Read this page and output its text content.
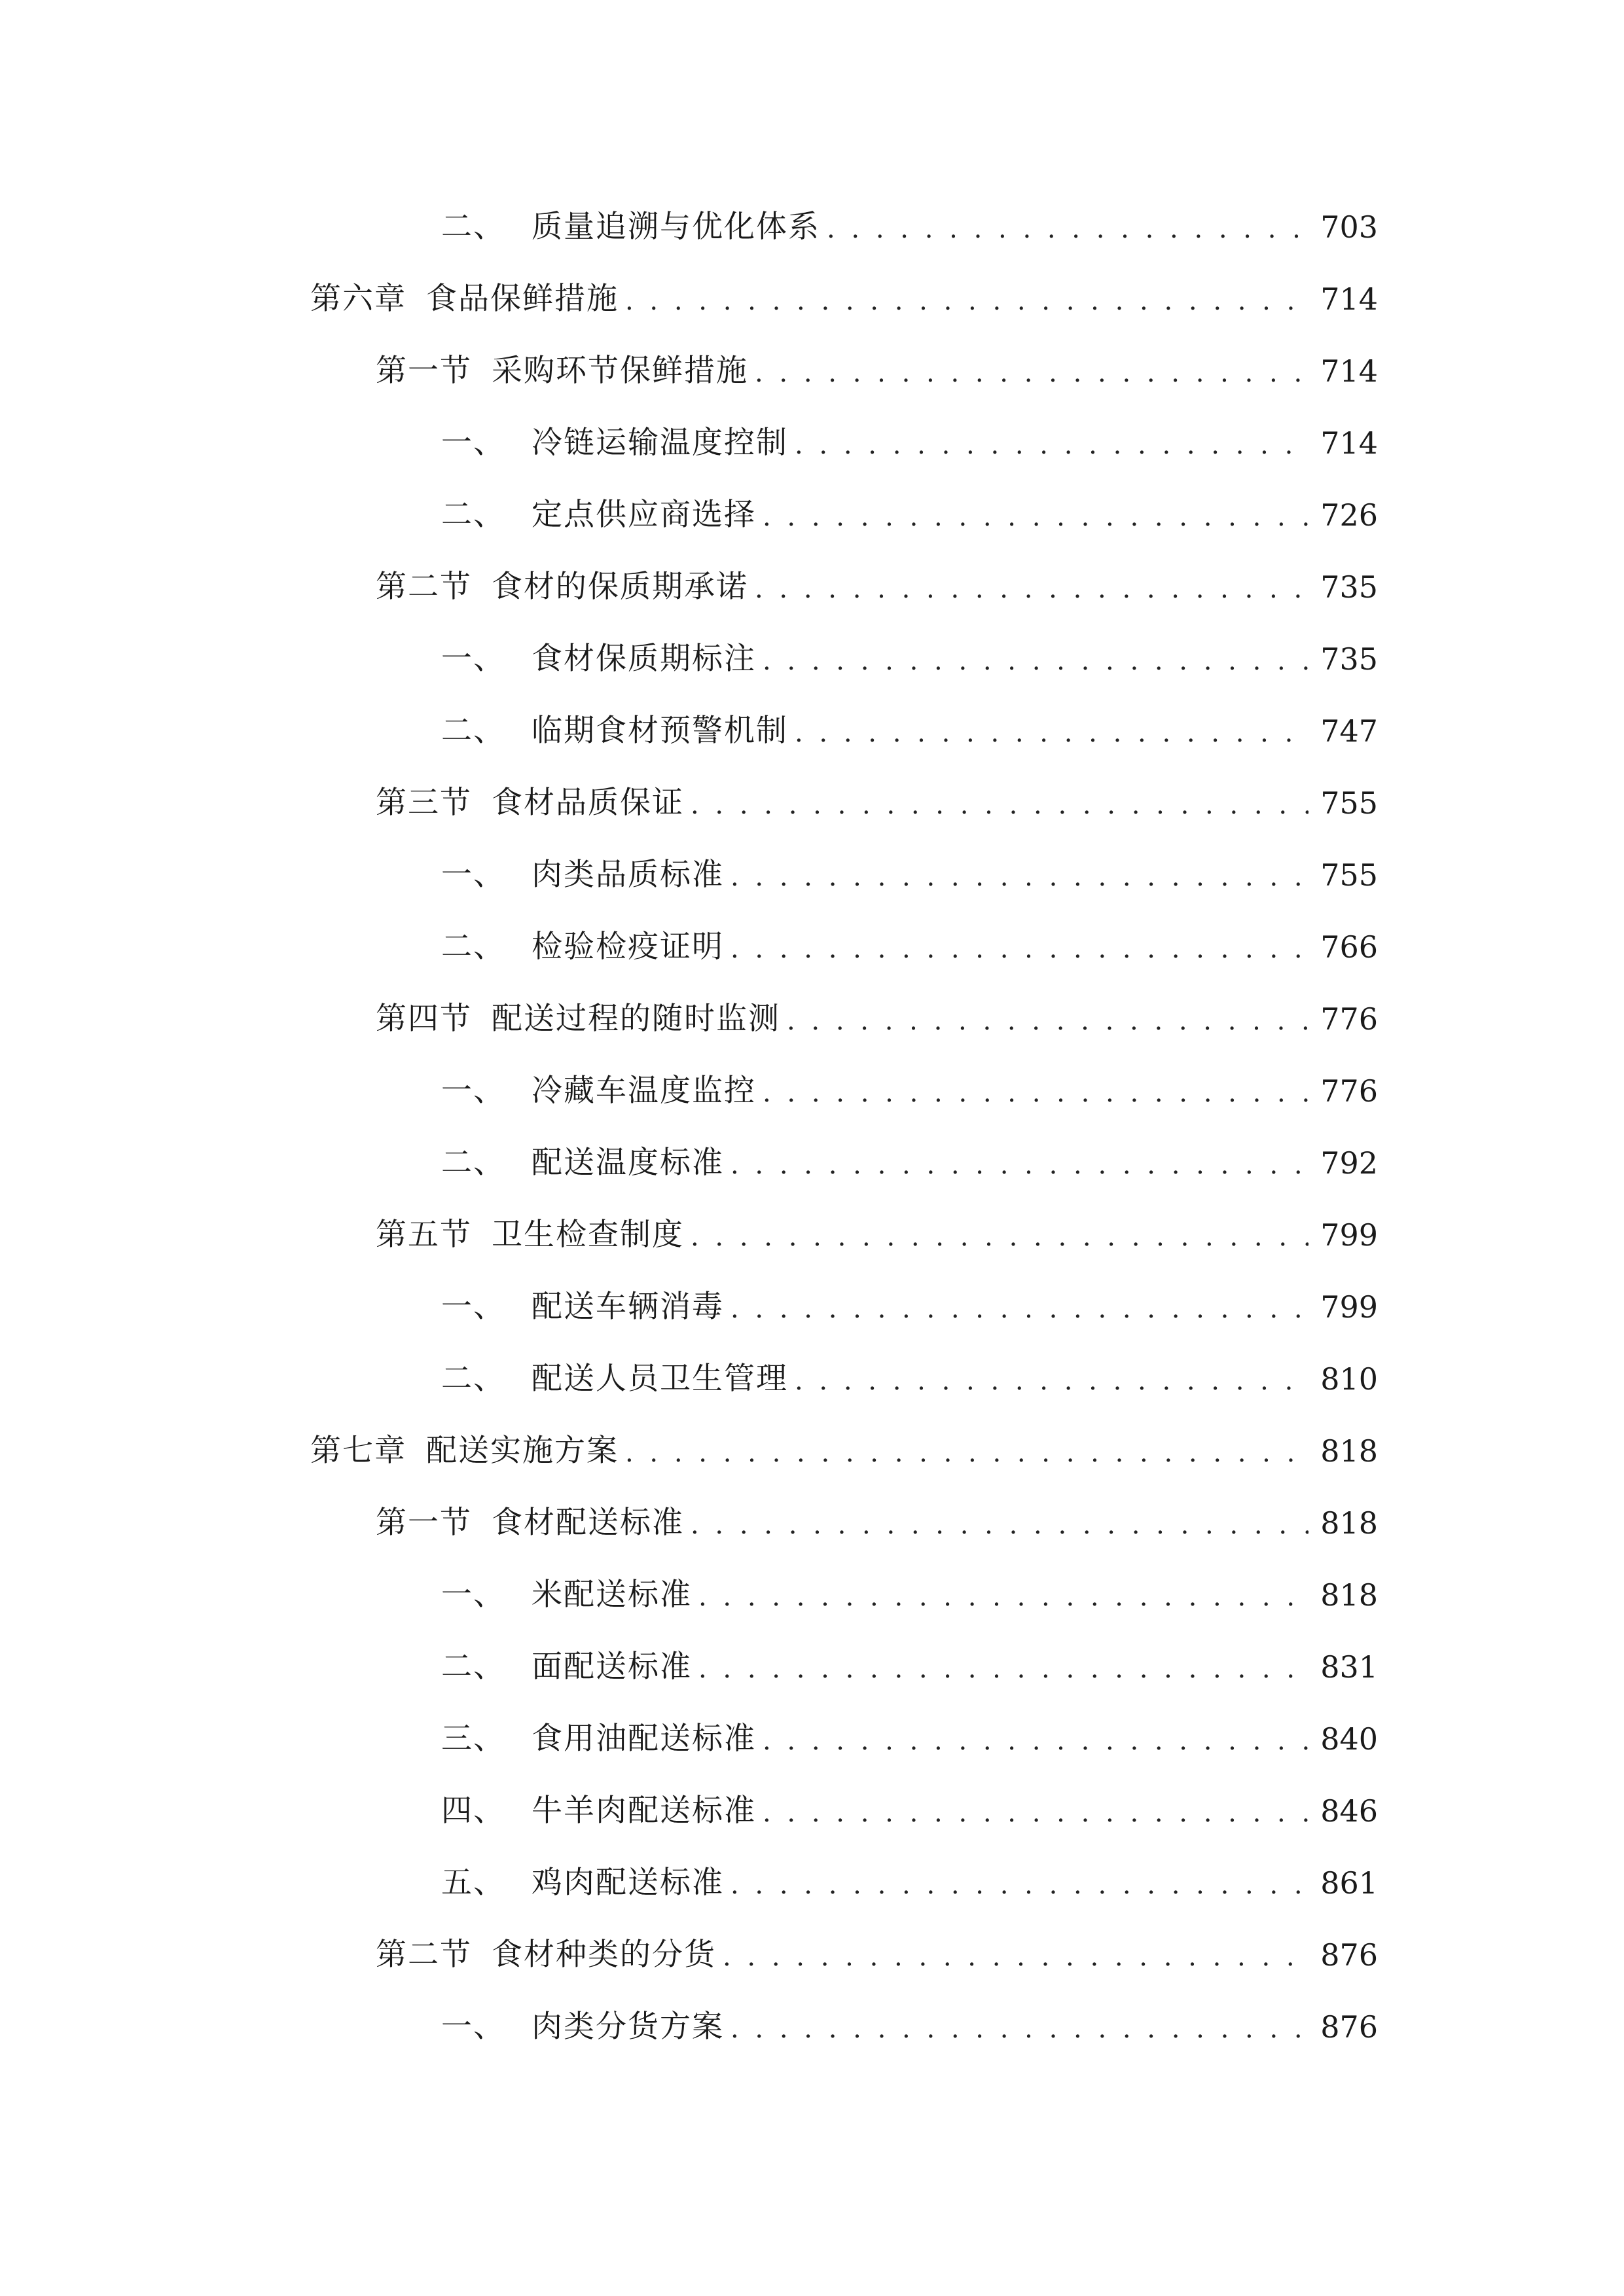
二、 质量追溯与优化体系 . . .	703
第六章 食品保鲜措施 . . .	714
第一节 采购环节保鲜措施 . . .	714
一、 冷链运输温度控制 . . .	714
二、 定点供应商选择 . . .	726
第二节 食材的保质期承诺 . . .	735
一、 食材保质期标注 . . .	735
二、 临期食材预警机制 . . .	747
第三节 食材品质保证 . . .	755
一、 肉类品质标准 . . .	755
二、 检验检疫证明 . . .	766
第四节 配送过程的随时监测 . . .	776
一、 冷藏车温度监控 . . .	776
二、 配送温度标准 . . .	792
第五节 卫生检查制度 . . .	799
一、 配送车辆消毒 . . .	799
二、 配送人员卫生管理 . . .	810
第七章 配送实施方案 . . .	818
第一节 食材配送标准 . . .	818
一、 米配送标准 . . .	818
二、 面配送标准 . . .	831
三、 食用油配送标准 . . .	840
四、 牛羊肉配送标准 . . .	846
五、 鸡肉配送标准 . . .	861
第二节 食材种类的分货 . . .	876
一、 肉类分货方案 . . .	876
